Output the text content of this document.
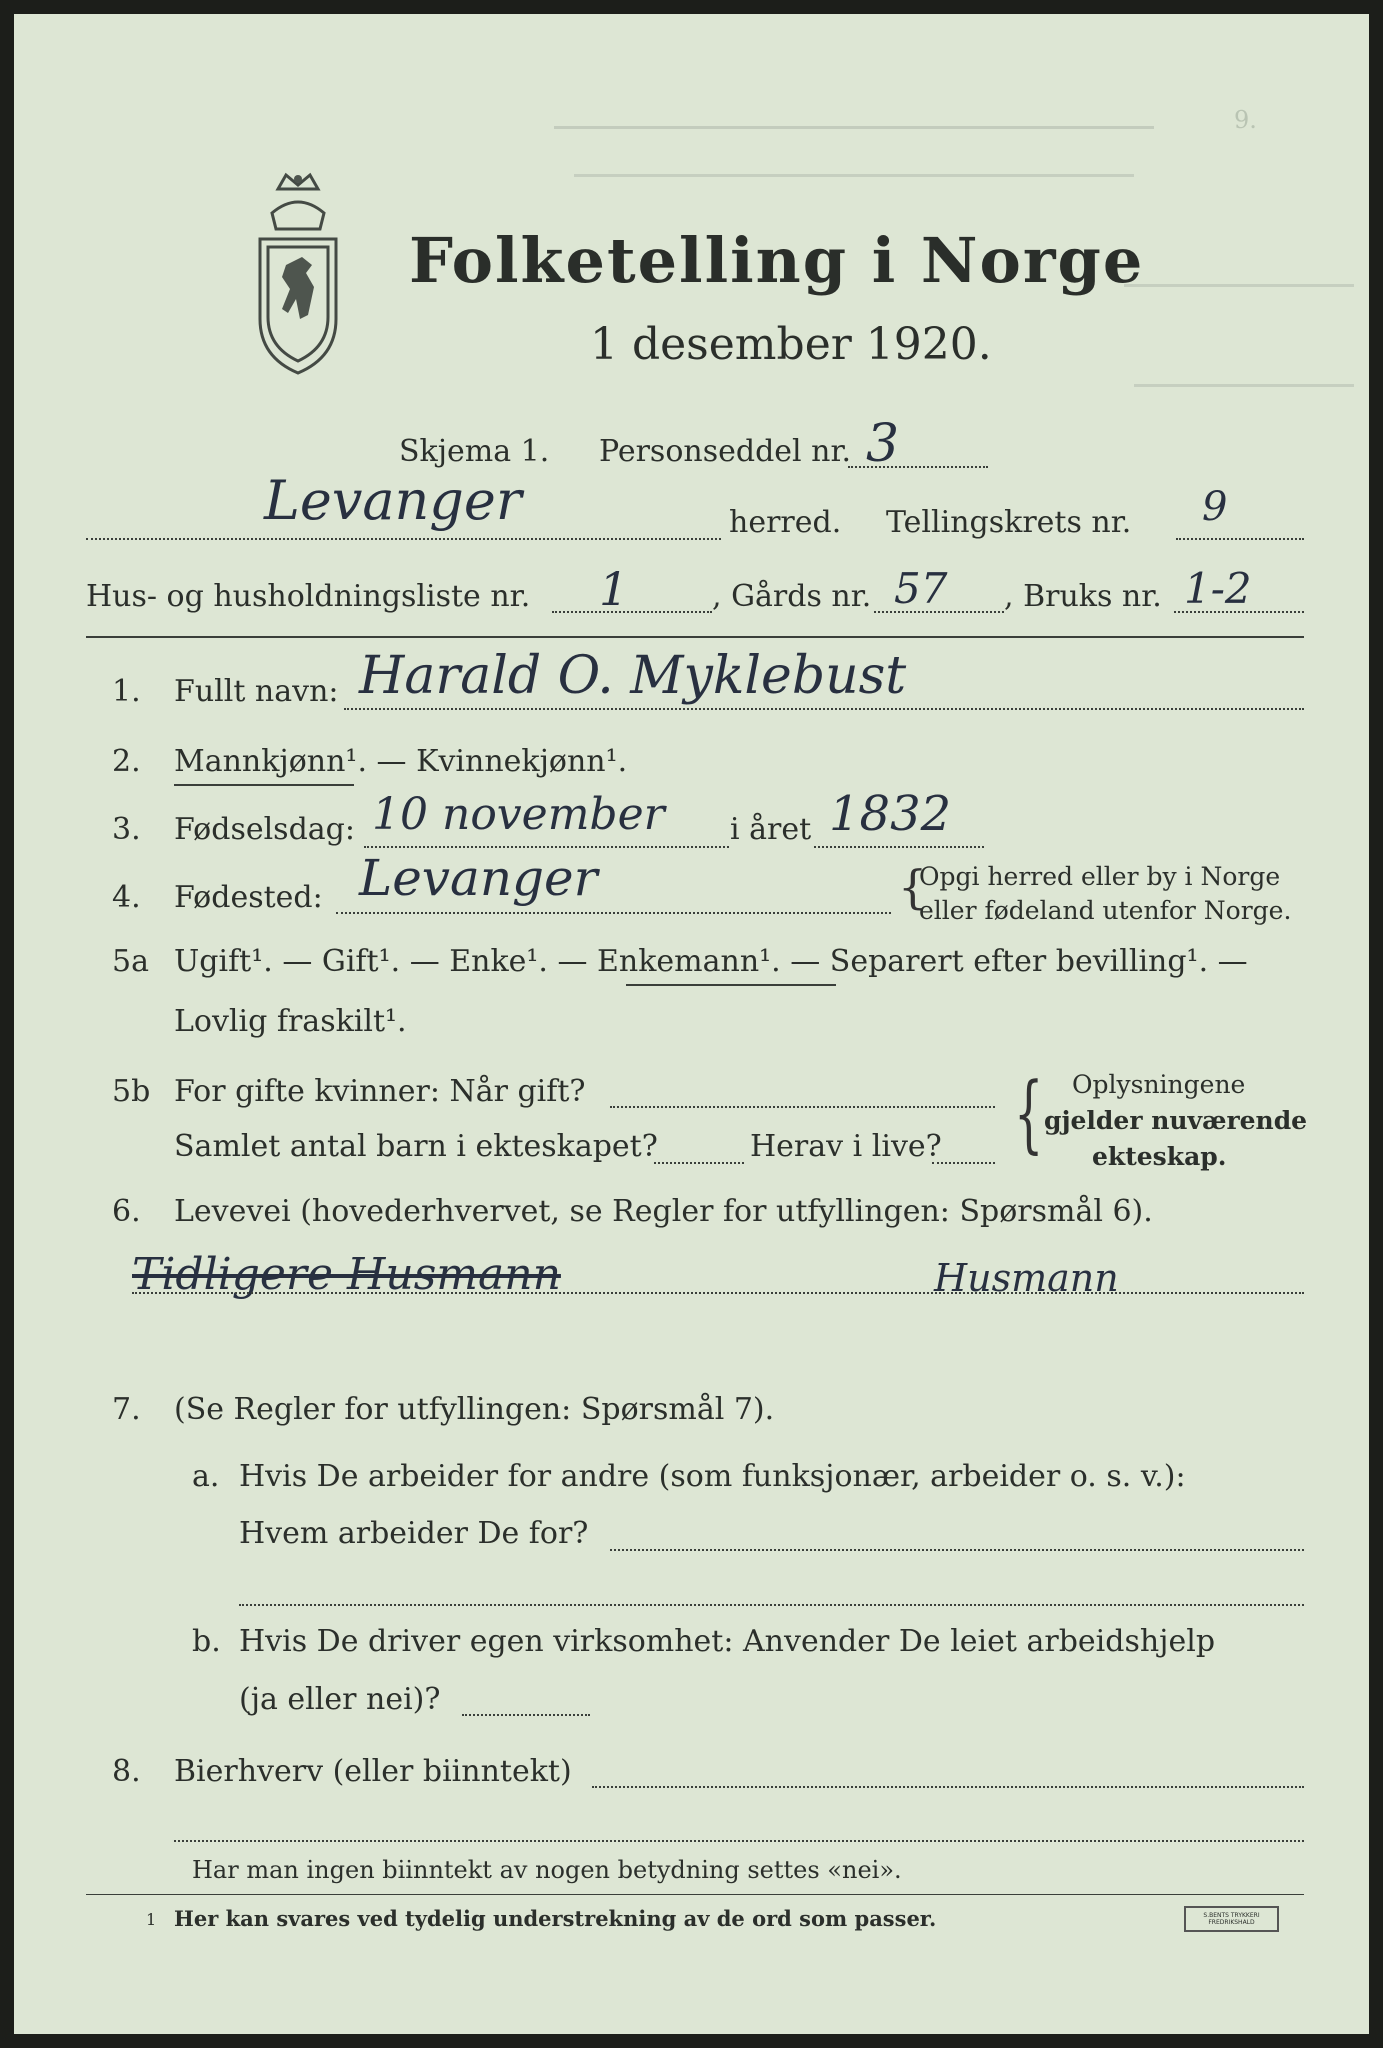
9.
Folketelling i Norge
1 desember 1920.
Skjema 1. Personseddel nr. 3
Levanger	herred. Tellingskrets nr. 9
Hus- og husholdningsliste nr. 1	, Gårds nr. 57 , Bruks nr. 1-2
1. Fullt navn: Harald O. Myklebust
2. Mannkjønn¹. — Kvinnekjønn¹.
3. Fødselsdag: 10 november i året 1832
4. Fødested: Levanger	{
Opgi herred eller by i Norge
eller fødeland utenfor Norge.
5a Ugift¹. — Gift¹. — Enke¹. — Enkemann¹. — Separert efter bevilling¹. —
Lovlig fraskilt¹.
5b For gifte kvinner: Når gift?
Samlet antal barn i ekteskapet?	Herav i live? { Oplysningene
gjelder nuværende
ekteskap.
6. Levevei (hovederhvervet, se Regler for utfyllingen: Spørsmål 6).
Tidligere Husmann	Husmann
7. (Se Regler for utfyllingen: Spørsmål 7).
a. Hvis De arbeider for andre (som funksjonær, arbeider o. s. v.):
Hvem arbeider De for?
b. Hvis De driver egen virksomhet: Anvender De leiet arbeidshjelp
(ja eller nei)?
8. Bierhverv (eller biinntekt)
Har man ingen biinntekt av nogen betydning settes «nei».
1 Her kan svares ved tydelig understrekning av de ord som passer.	S.BENTS TRYKKERI FREDRIKSHALD
